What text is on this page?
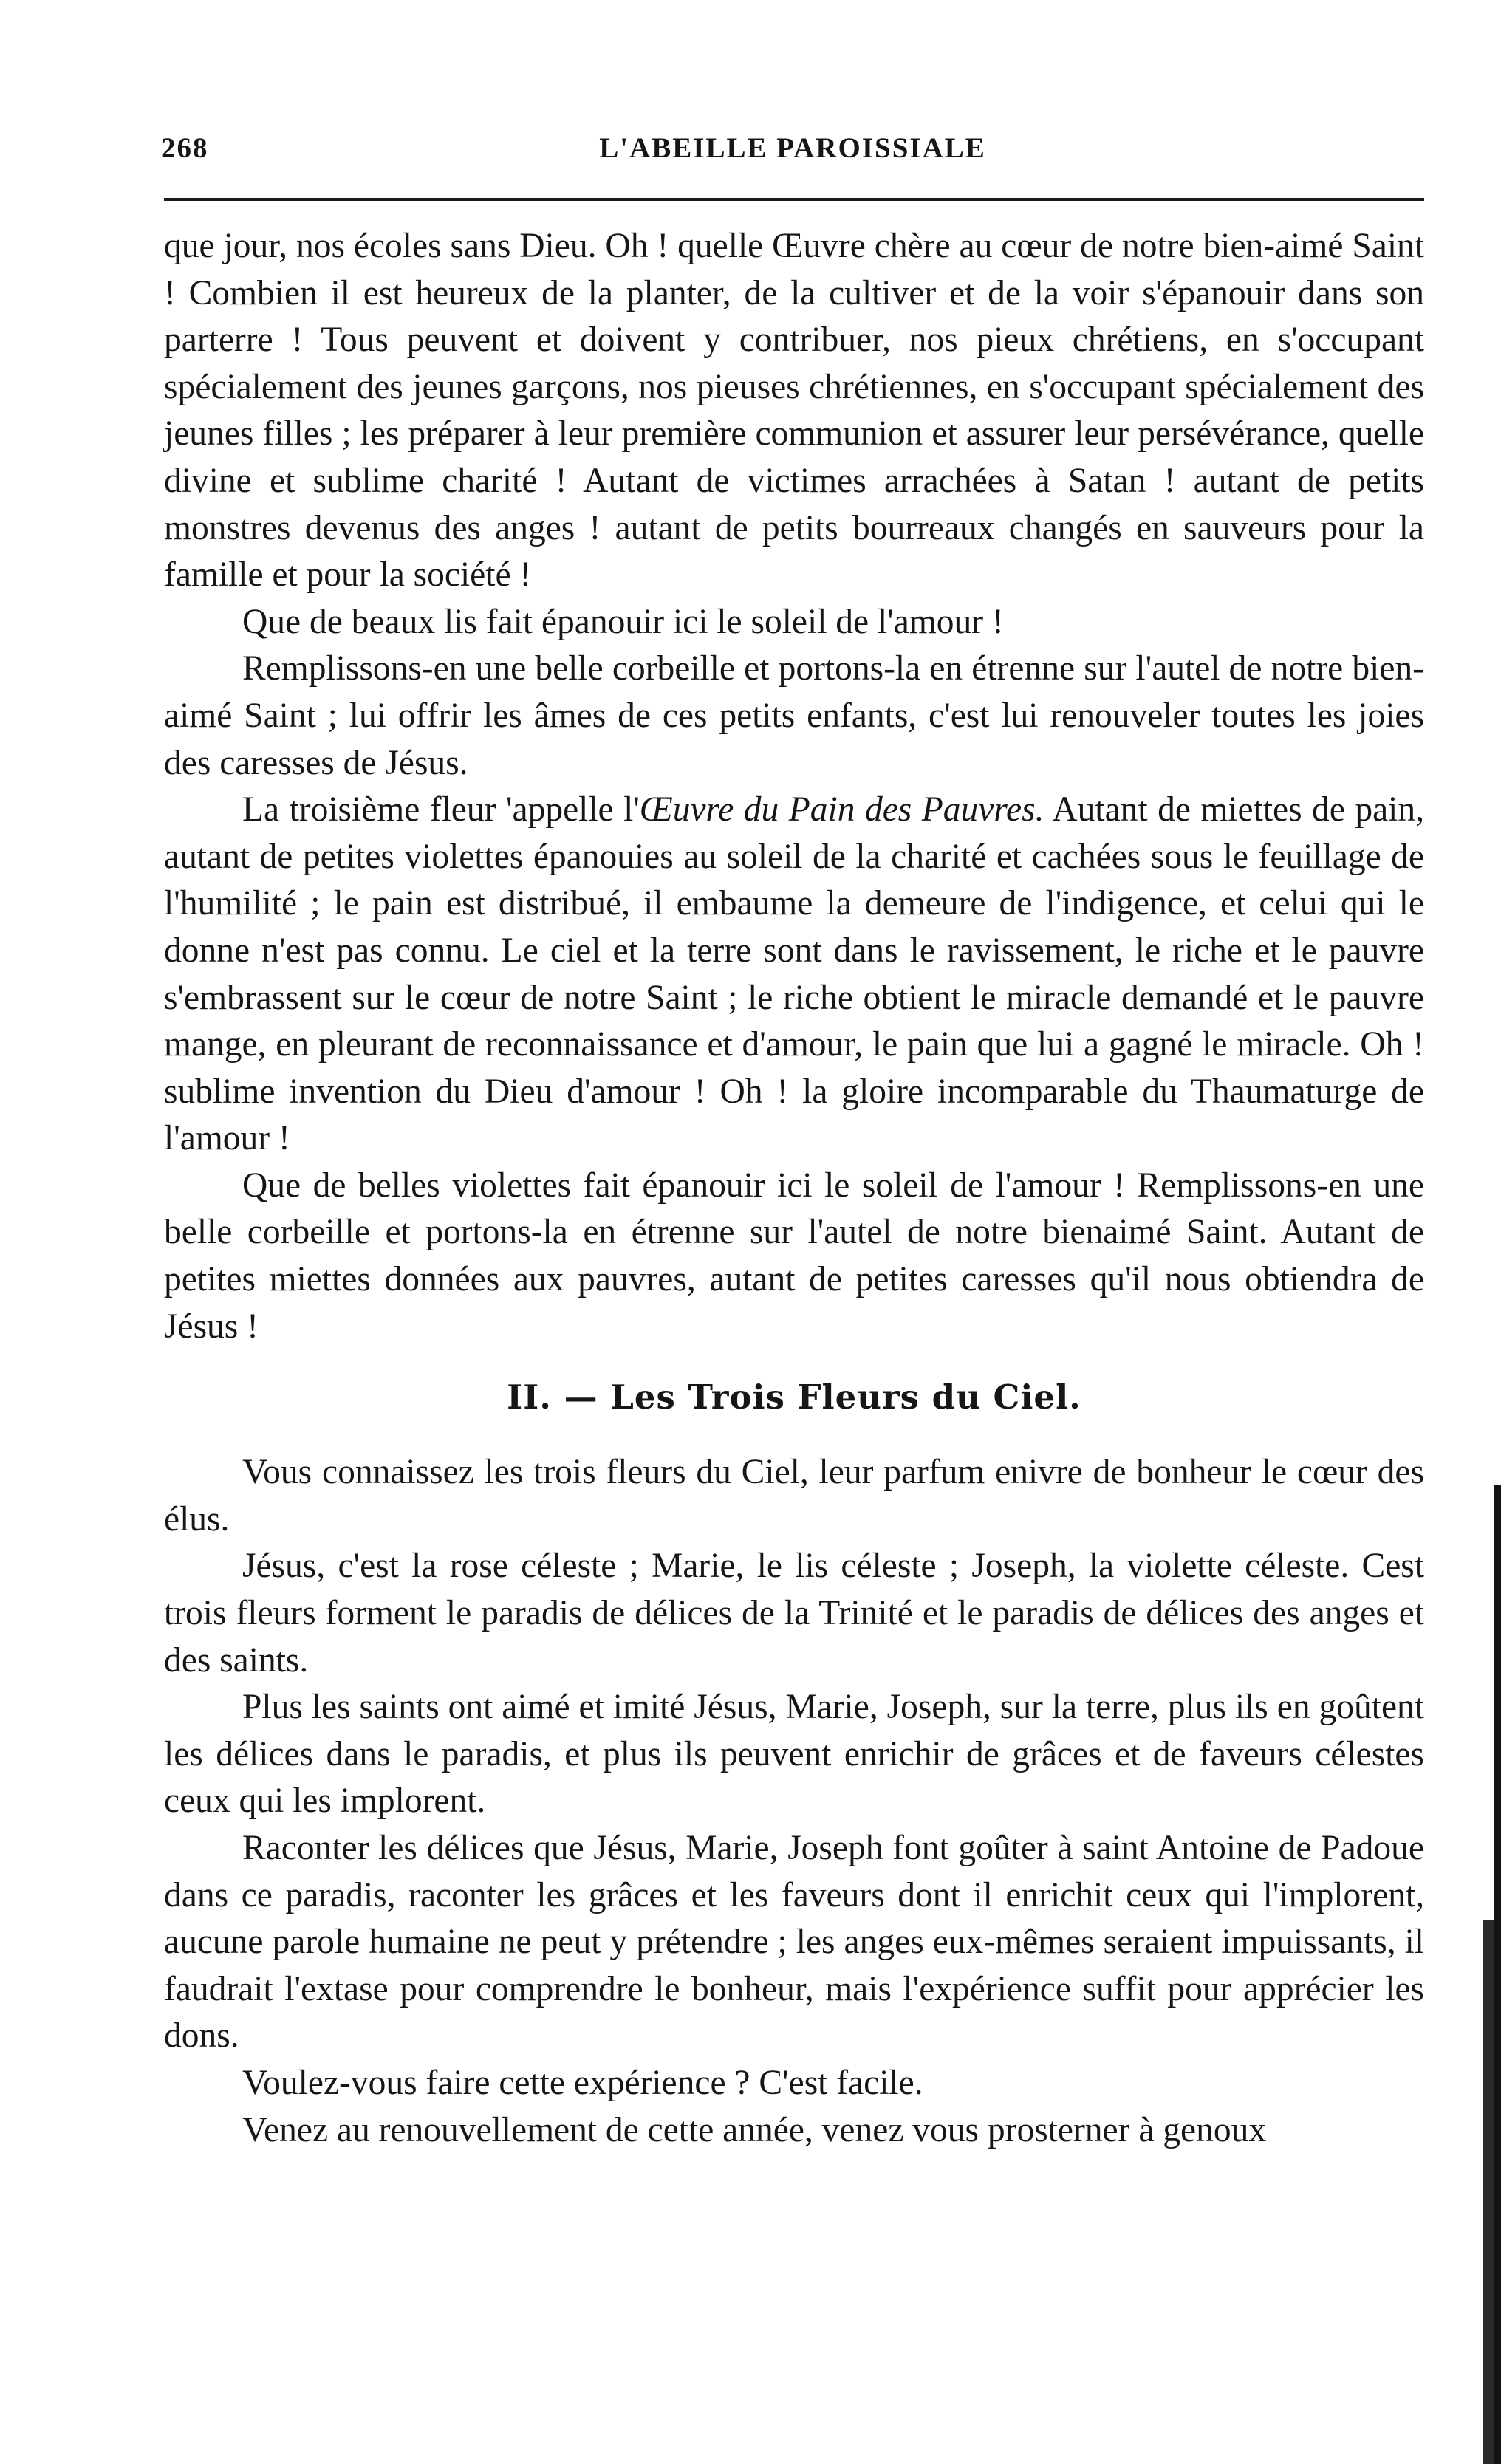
268	L'ABEILLE PAROISSIALE

que jour, nos écoles sans Dieu. Oh ! quelle Œuvre chère au cœur de notre bien-aimé Saint ! Combien il est heureux de la planter, de la cultiver et de la voir s'épanouir dans son parterre ! Tous peuvent et doivent y contribuer, nos pieux chrétiens, en s'occupant spécialement des jeunes garçons, nos pieuses chrétiennes, en s'occupant spécialement des jeunes filles ; les préparer à leur première communion et assurer leur persévérance, quelle divine et sublime charité ! Autant de victimes arrachées à Satan ! autant de petits monstres devenus des anges ! autant de petits bourreaux changés en sauveurs pour la famille et pour la société !

Que de beaux lis fait épanouir ici le soleil de l'amour !

Remplissons-en une belle corbeille et portons-la en étrenne sur l'autel de notre bien-aimé Saint ; lui offrir les âmes de ces petits enfants, c'est lui renouveler toutes les joies des caresses de Jésus.

La troisième fleur 'appelle l'Œuvre du Pain des Pauvres. Autant de miettes de pain, autant de petites violettes épanouies au soleil de la charité et cachées sous le feuillage de l'humilité ; le pain est distribué, il embaume la demeure de l'indigence, et celui qui le donne n'est pas connu. Le ciel et la terre sont dans le ravissement, le riche et le pauvre s'embrassent sur le cœur de notre Saint ; le riche obtient le miracle demandé et le pauvre mange, en pleurant de reconnaissance et d'amour, le pain que lui a gagné le miracle. Oh ! sublime invention du Dieu d'amour ! Oh ! la gloire incomparable du Thaumaturge de l'amour !

Que de belles violettes fait épanouir ici le soleil de l'amour ! Remplissons-en une belle corbeille et portons-la en étrenne sur l'autel de notre bienaimé Saint. Autant de petites miettes données aux pauvres, autant de petites caresses qu'il nous obtiendra de Jésus !

II. — Les Trois Fleurs du Ciel.

Vous connaissez les trois fleurs du Ciel, leur parfum enivre de bonheur le cœur des élus.

Jésus, c'est la rose céleste ; Marie, le lis céleste ; Joseph, la violette céleste. Cest trois fleurs forment le paradis de délices de la Trinité et le paradis de délices des anges et des saints.

Plus les saints ont aimé et imité Jésus, Marie, Joseph, sur la terre, plus ils en goûtent les délices dans le paradis, et plus ils peuvent enrichir de grâces et de faveurs célestes ceux qui les implorent.

Raconter les délices que Jésus, Marie, Joseph font goûter à saint Antoine de Padoue dans ce paradis, raconter les grâces et les faveurs dont il enrichit ceux qui l'implorent, aucune parole humaine ne peut y prétendre ; les anges eux-mêmes seraient impuissants, il faudrait l'extase pour comprendre le bonheur, mais l'expérience suffit pour apprécier les dons.

Voulez-vous faire cette expérience ? C'est facile.

Venez au renouvellement de cette année, venez vous prosterner à genoux
